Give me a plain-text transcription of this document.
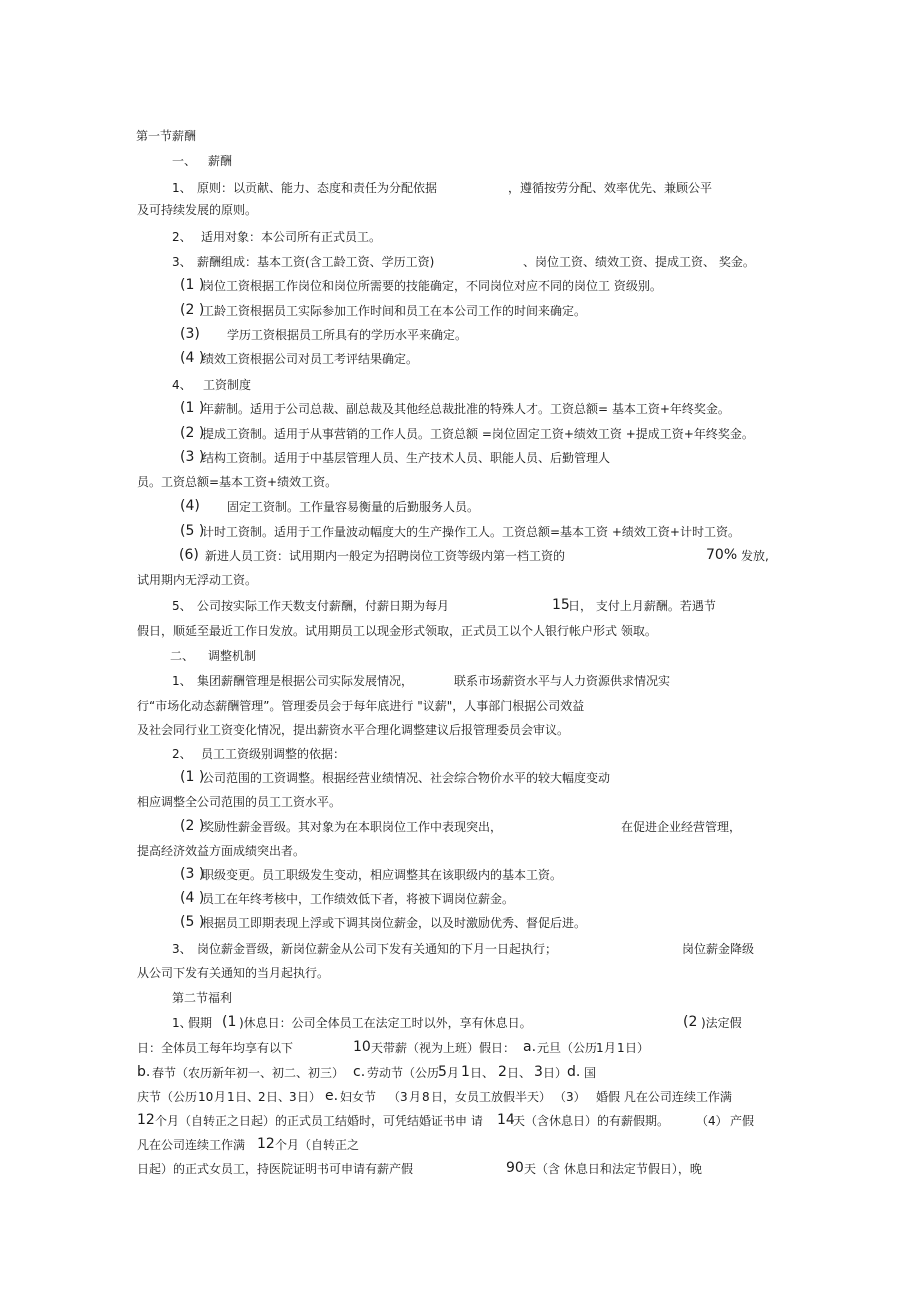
第一节薪酬
一、 薪酬
1、 原则：以贡献、能力、态度和责任为分配依据	，遵循按劳分配、效率优先、兼顾公平
及可持续发展的原则。
2、 适用对象：本公司所有正式员工。
3、 薪酬组成：基本工资(含工龄工资、学历工资)	、岗位工资、绩效工资、提成工资、 奖金。
(1 )
岗位工资根据工作岗位和岗位所需要的技能确定，不同岗位对应不同的岗位工 资级别。
(2 )
工龄工资根据员工实际参加工作时间和员工在本公司工作的时间来确定。
(3) 学历工资根据员工所具有的学历水平来确定。
(4 )
绩效工资根据公司对员工考评结果确定。
4、 工资制度
(1 )
年薪制。适用于公司总裁、副总裁及其他经总裁批准的特殊人才。工资总额= 基本工资+年终奖金。
(2 )
提成工资制。适用于从事营销的工作人员。工资总额 =岗位固定工资+绩效工资 +提成工资+年终奖金。
(3 )
结构工资制。适用于中基层管理人员、生产技术人员、职能人员、后勤管理人
员。工资总额=基本工资+绩效工资。
(4) 固定工资制。工作量容易衡量的后勤服务人员。
(5 )
计时工资制。适用于工作量波动幅度大的生产操作工人。工资总额=基本工资 +绩效工资+计时工资。
(6) 新进人员工资：试用期内一般定为招聘岗位工资等级内第一档工资的	70% 发放,
试用期内无浮动工资。
5、 公司按实际工作天数支付薪酬，付薪日期为每月	15
日， 支付上月薪酬。若遇节
假日，顺延至最近工作日发放。试用期员工以现金形式领取，正式员工以个人银行帐户形式 领取。
二、 调整机制
1、 集团薪酬管理是根据公司实际发展情况，	联系市场薪资水平与人力资源供求情况实
行“市场化动态薪酬管理”。管理委员会于每年底进行 "议薪"，人事部门根据公司效益
及社会同行业工资变化情况，提出薪资水平合理化调整建议后报管理委员会审议。
2、 员工工资级别调整的依据：
(1 )
公司范围的工资调整。根据经营业绩情况、社会综合物价水平的较大幅度变动
相应调整全公司范围的员工工资水平。
(2 )
奖励性薪金晋级。其对象为在本职岗位工作中表现突出，	在促进企业经营管理，
提高经济效益方面成绩突出者。
(3 )
职级变更。员工职级发生变动，相应调整其在该职级内的基本工资。
(4 )
员工在年终考核中，工作绩效低下者，将被下调岗位薪金。
(5 )
根据员工即期表现上浮或下调其岗位薪金，以及时激励优秀、督促后进。
3、 岗位薪金晋级，新岗位薪金从公司下发有关通知的下月一日起执行；	岗位薪金降级
从公司下发有关通知的当月起执行。
第二节福利
1、
假期 (1 )休息日：公司全体员工在法定工时以外，享有休息日。	(2 )法定假
日：全体员工每年均享有以下	10 天带薪（视为上班）假日： a. 元旦（公历
1 月 1 日）
b. 春节（农历新年初一、初二、初三） c. 劳动节（公历
5 月 1 日、 2 日、 3 日） d. 国
庆节（公历 10 月 1 日、
2 日、
3 日） e. 妇女节 （3 月 8 日，女员工放假半天） （3） 婚假 凡在公司连续工作满
12 个月（自转正之日起）的正式员工结婚时，可凭结婚证书申 请 14
天（含休息日）的有薪假期。 （4） 产假
凡在公司连续工作满 12 个月（自转正之
日起）的正式女员工，持医院证明书可申请有薪产假	90 天（含 休息日和法定节假日），晚
